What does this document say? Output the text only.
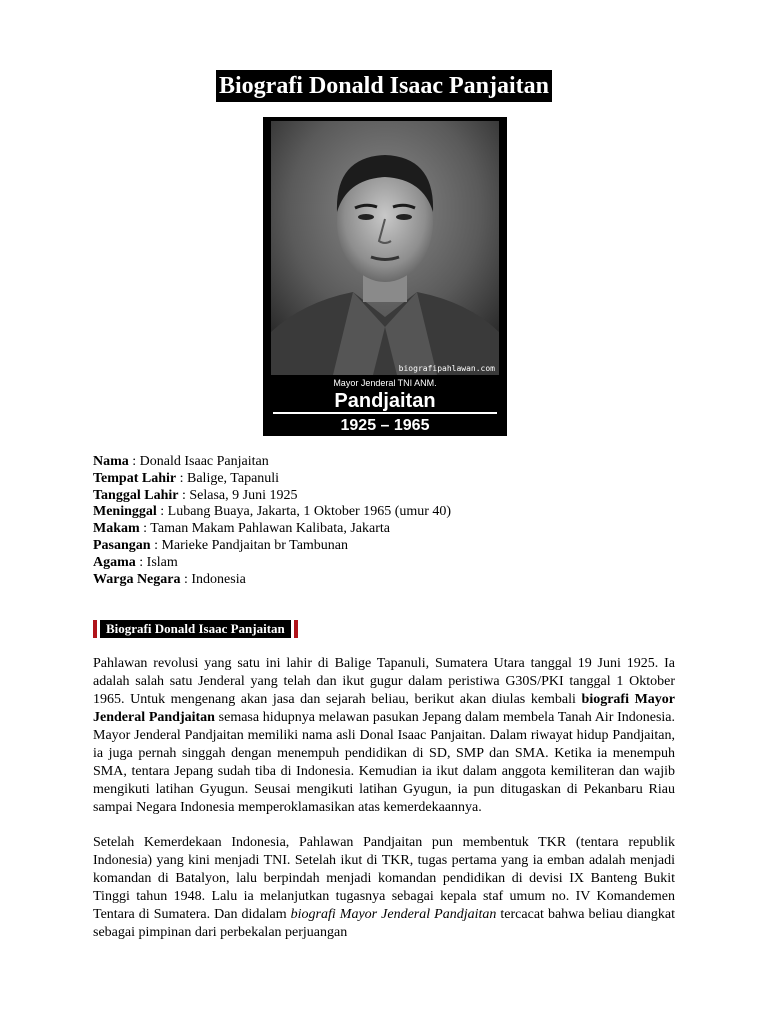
Biografi Donald Isaac Panjaitan
biografipahlawan.com
Mayor Jenderal TNI ANM.
Pandjaitan
1925 – 1965
Nama : Donald Isaac Panjaitan
Tempat Lahir : Balige, Tapanuli
Tanggal Lahir : Selasa, 9 Juni 1925
Meninggal : Lubang Buaya, Jakarta, 1 Oktober 1965 (umur 40)
Makam : Taman Makam Pahlawan Kalibata, Jakarta
Pasangan : Marieke Pandjaitan br Tambunan
Agama : Islam
Warga Negara : Indonesia
Biografi Donald Isaac Panjaitan

Pahlawan revolusi yang satu ini lahir di Balige Tapanuli, Sumatera Utara tanggal 19 Juni 1925. Ia adalah salah satu Jenderal yang telah dan ikut gugur dalam peristiwa G30S/PKI tanggal 1 Oktober 1965. Untuk mengenang akan jasa dan sejarah beliau, berikut akan diulas kembali biografi Mayor Jenderal Pandjaitan semasa hidupnya melawan pasukan Jepang dalam membela Tanah Air Indonesia. Mayor Jenderal Pandjaitan memiliki nama asli Donal Isaac Panjaitan. Dalam riwayat hidup Pandjaitan, ia juga pernah singgah dengan menempuh pendidikan di SD, SMP dan SMA. Ketika ia menempuh SMA, tentara Jepang sudah tiba di Indonesia. Kemudian ia ikut dalam anggota kemiliteran dan wajib mengikuti latihan Gyugun. Seusai mengikuti latihan Gyugun, ia pun ditugaskan di Pekanbaru Riau sampai Negara Indonesia memperoklamasikan atas kemerdekaannya.

Setelah Kemerdekaan Indonesia, Pahlawan Pandjaitan pun membentuk TKR (tentara republik Indonesia) yang kini menjadi TNI. Setelah ikut di TKR, tugas pertama yang ia emban adalah menjadi komandan di Batalyon, lalu berpindah menjadi komandan pendidikan di devisi IX Banteng Bukit Tinggi tahun 1948. Lalu ia melanjutkan tugasnya sebagai kepala staf umum no. IV Komandemen Tentara di Sumatera. Dan didalam biografi Mayor Jenderal Pandjaitan tercacat bahwa beliau diangkat sebagai pimpinan dari perbekalan perjuangan
